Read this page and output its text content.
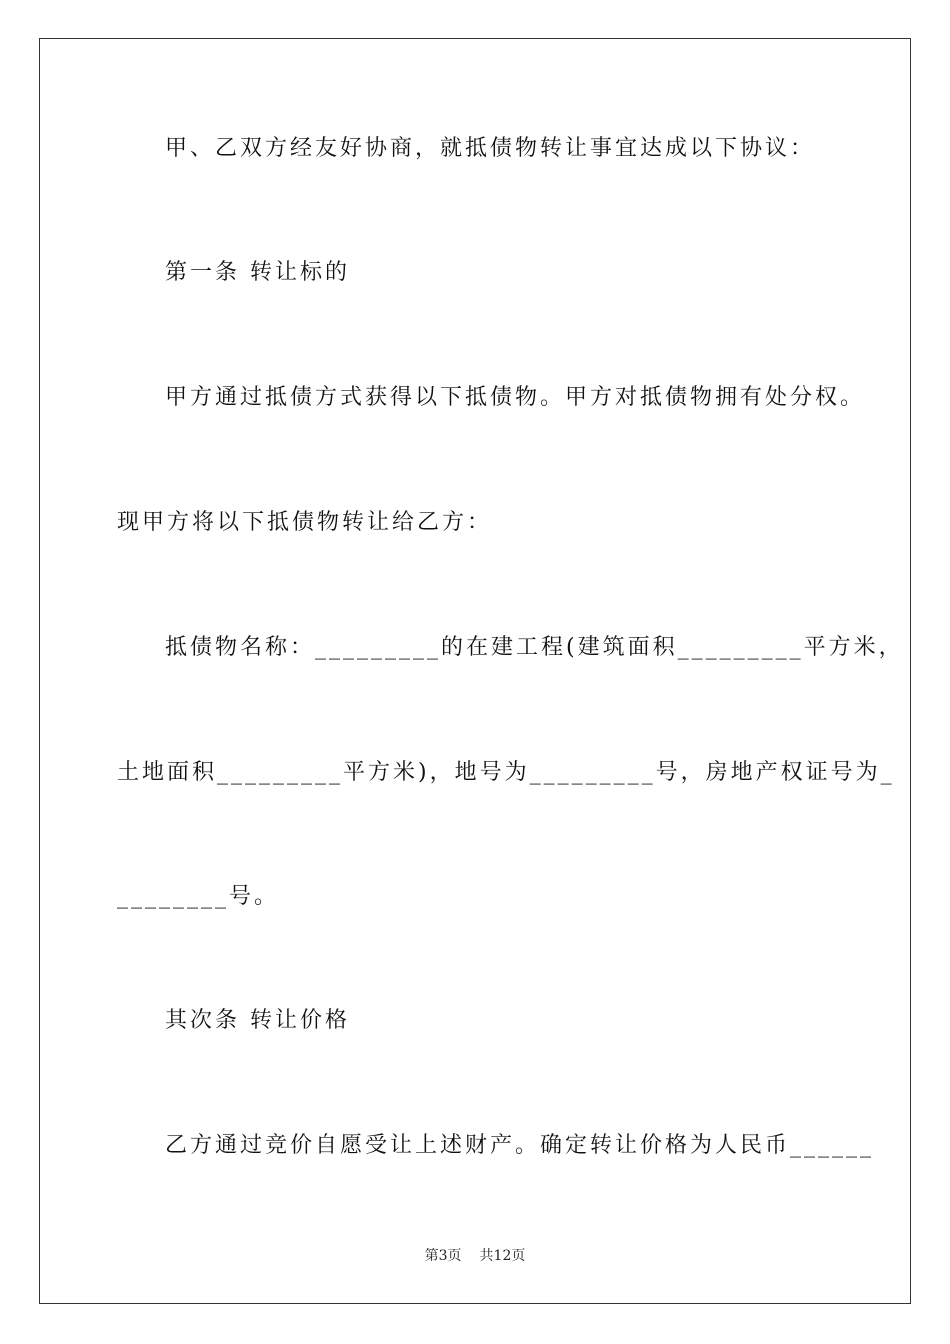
甲、乙双方经友好协商，就抵债物转让事宜达成以下协议：
第一条 转让标的
甲方通过抵债方式获得以下抵债物。甲方对抵债物拥有处分权。
现甲方将以下抵债物转让给乙方：
抵债物名称：_________的在建工程(建筑面积_________平方米，
土地面积_________平方米)，地号为_________号，房地产权证号为_
________号。
其次条 转让价格
乙方通过竞价自愿受让上述财产。确定转让价格为人民币______
第3页 共12页
